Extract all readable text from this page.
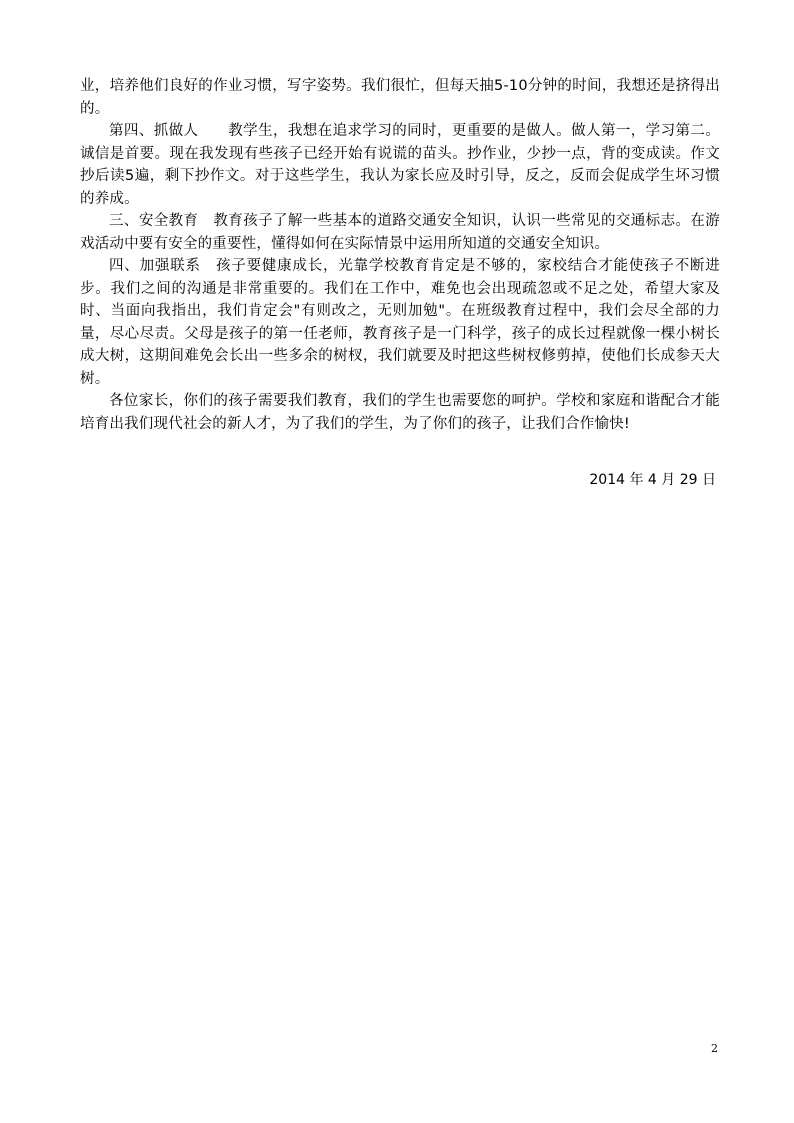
业，培养他们良好的作业习惯，写字姿势。我们很忙，但每天抽5-10分钟的时间，我想还是挤得出的。

第四、抓做人　　教学生，我想在追求学习的同时，更重要的是做人。做人第一，学习第二。诚信是首要。现在我发现有些孩子已经开始有说谎的苗头。抄作业，少抄一点，背的变成读。作文抄后读5遍，剩下抄作文。对于这些学生，我认为家长应及时引导，反之，反而会促成学生坏习惯的养成。

三、安全教育　教育孩子了解一些基本的道路交通安全知识，认识一些常见的交通标志。在游戏活动中要有安全的重要性，懂得如何在实际情景中运用所知道的交通安全知识。

四、加强联系　孩子要健康成长，光靠学校教育肯定是不够的，家校结合才能使孩子不断进步。我们之间的沟通是非常重要的。我们在工作中，难免也会出现疏忽或不足之处，希望大家及时、当面向我指出，我们肯定会"有则改之，无则加勉"。在班级教育过程中，我们会尽全部的力量，尽心尽责。父母是孩子的第一任老师，教育孩子是一门科学，孩子的成长过程就像一棵小树长成大树，这期间难免会长出一些多余的树杈，我们就要及时把这些树杈修剪掉，使他们长成参天大树。

各位家长，你们的孩子需要我们教育，我们的学生也需要您的呵护。学校和家庭和谐配合才能培育出我们现代社会的新人才，为了我们的学生，为了你们的孩子，让我们合作愉快!

2014 年 4 月 29 日
2
